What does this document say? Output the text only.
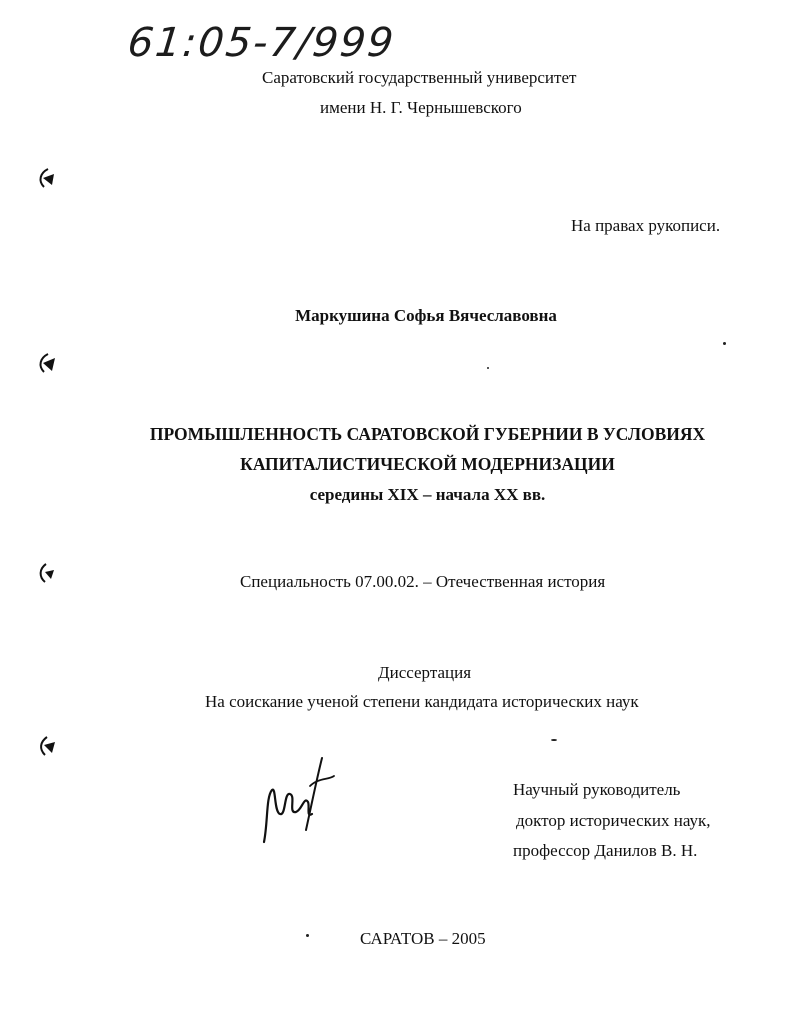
61:05-7/999
Саратовский государственный университет
имени Н. Г. Чернышевского
На правах рукописи.
Маркушина Софья Вячеславовна
ПРОМЫШЛЕННОСТЬ САРАТОВСКОЙ ГУБЕРНИИ В УСЛОВИЯХ
КАПИТАЛИСТИЧЕСКОЙ МОДЕРНИЗАЦИИ
середины XIX – начала XX вв.
Специальность 07.00.02. – Отечественная история
Диссертация
На соискание ученой степени кандидата исторических наук
Научный руководитель
доктор исторических наук,
профессор Данилов В. Н.
САРАТОВ – 2005
